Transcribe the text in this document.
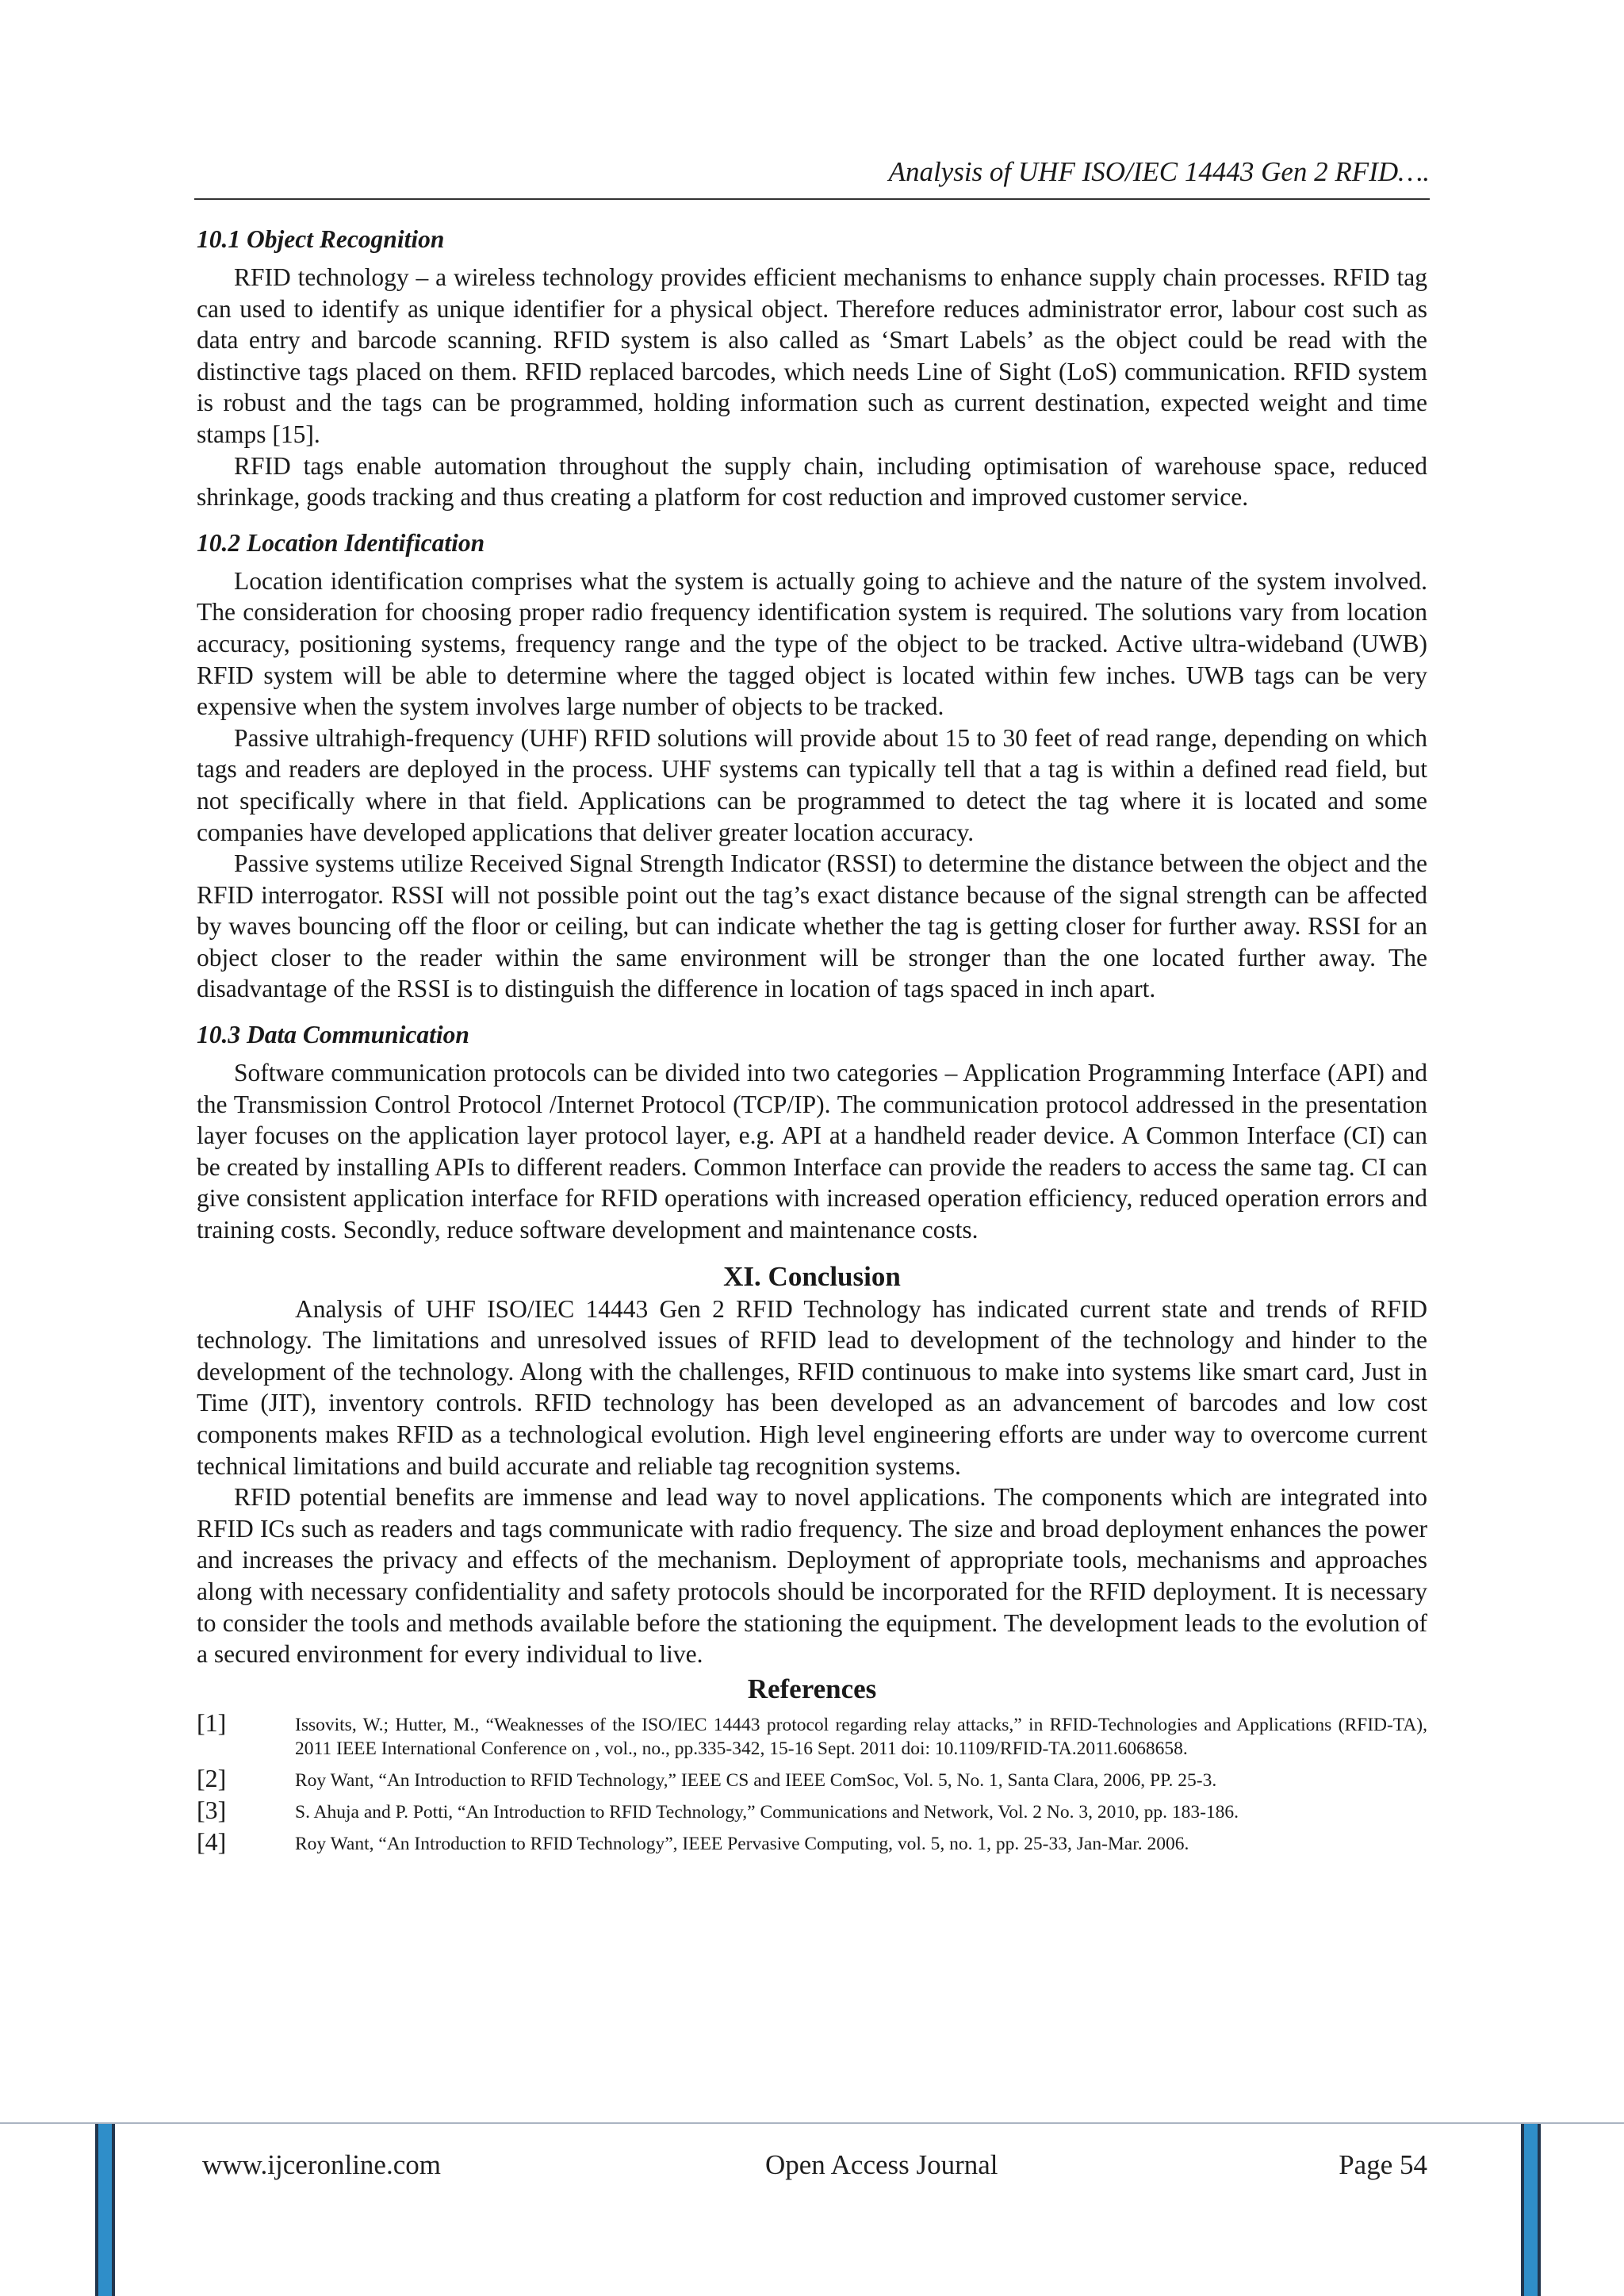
Analysis of UHF ISO/IEC 14443 Gen 2 RFID….
10.1 Object Recognition

RFID technology – a wireless technology provides efficient mechanisms to enhance supply chain processes. RFID tag can used to identify as unique identifier for a physical object. Therefore reduces administrator error, labour cost such as data entry and barcode scanning. RFID system is also called as ‘Smart Labels’ as the object could be read with the distinctive tags placed on them. RFID replaced barcodes, which needs Line of Sight (LoS) communication. RFID system is robust and the tags can be programmed, holding information such as current destination, expected weight and time stamps [15].

RFID tags enable automation throughout the supply chain, including optimisation of warehouse space, reduced shrinkage, goods tracking and thus creating a platform for cost reduction and improved customer service.

10.2 Location Identification

Location identification comprises what the system is actually going to achieve and the nature of the system involved. The consideration for choosing proper radio frequency identification system is required. The solutions vary from location accuracy, positioning systems, frequency range and the type of the object to be tracked. Active ultra-wideband (UWB) RFID system will be able to determine where the tagged object is located within few inches. UWB tags can be very expensive when the system involves large number of objects to be tracked.

Passive ultrahigh-frequency (UHF) RFID solutions will provide about 15 to 30 feet of read range, depending on which tags and readers are deployed in the process. UHF systems can typically tell that a tag is within a defined read field, but not specifically where in that field. Applications can be programmed to detect the tag where it is located and some companies have developed applications that deliver greater location accuracy.

Passive systems utilize Received Signal Strength Indicator (RSSI) to determine the distance between the object and the RFID interrogator. RSSI will not possible point out the tag’s exact distance because of the signal strength can be affected by waves bouncing off the floor or ceiling, but can indicate whether the tag is getting closer for further away. RSSI for an object closer to the reader within the same environment will be stronger than the one located further away. The disadvantage of the RSSI is to distinguish the difference in location of tags spaced in inch apart.

10.3 Data Communication

Software communication protocols can be divided into two categories – Application Programming Interface (API) and the Transmission Control Protocol /Internet Protocol (TCP/IP). The communication protocol addressed in the presentation layer focuses on the application layer protocol layer, e.g. API at a handheld reader device. A Common Interface (CI) can be created by installing APIs to different readers. Common Interface can provide the readers to access the same tag. CI can give consistent application interface for RFID operations with increased operation efficiency, reduced operation errors and training costs. Secondly, reduce software development and maintenance costs.

XI. Conclusion

Analysis of UHF ISO/IEC 14443 Gen 2 RFID Technology has indicated current state and trends of RFID technology. The limitations and unresolved issues of RFID lead to development of the technology and hinder to the development of the technology. Along with the challenges, RFID continuous to make into systems like smart card, Just in Time (JIT), inventory controls. RFID technology has been developed as an advancement of barcodes and low cost components makes RFID as a technological evolution. High level engineering efforts are under way to overcome current technical limitations and build accurate and reliable tag recognition systems.

RFID potential benefits are immense and lead way to novel applications. The components which are integrated into RFID ICs such as readers and tags communicate with radio frequency. The size and broad deployment enhances the power and increases the privacy and effects of the mechanism. Deployment of appropriate tools, mechanisms and approaches along with necessary confidentiality and safety protocols should be incorporated for the RFID deployment. It is necessary to consider the tools and methods available before the stationing the equipment. The development leads to the evolution of a secured environment for every individual to live.

References
[1]	Issovits, W.; Hutter, M., “Weaknesses of the ISO/IEC 14443 protocol regarding relay attacks,” in RFID-Technologies and Applications (RFID-TA), 2011 IEEE International Conference on , vol., no., pp.335-342, 15-16 Sept. 2011 doi: 10.1109/RFID-TA.2011.6068658.
[2]	Roy Want, “An Introduction to RFID Technology,” IEEE CS and IEEE ComSoc, Vol. 5, No. 1, Santa Clara, 2006, PP. 25-3.
[3]	S. Ahuja and P. Potti, “An Introduction to RFID Technology,” Communications and Network, Vol. 2 No. 3, 2010, pp. 183-186.
[4]	Roy Want, “An Introduction to RFID Technology”, IEEE Pervasive Computing, vol. 5, no. 1, pp. 25-33, Jan-Mar. 2006.
www.ijceronline.com	Open Access Journal	Page 54
